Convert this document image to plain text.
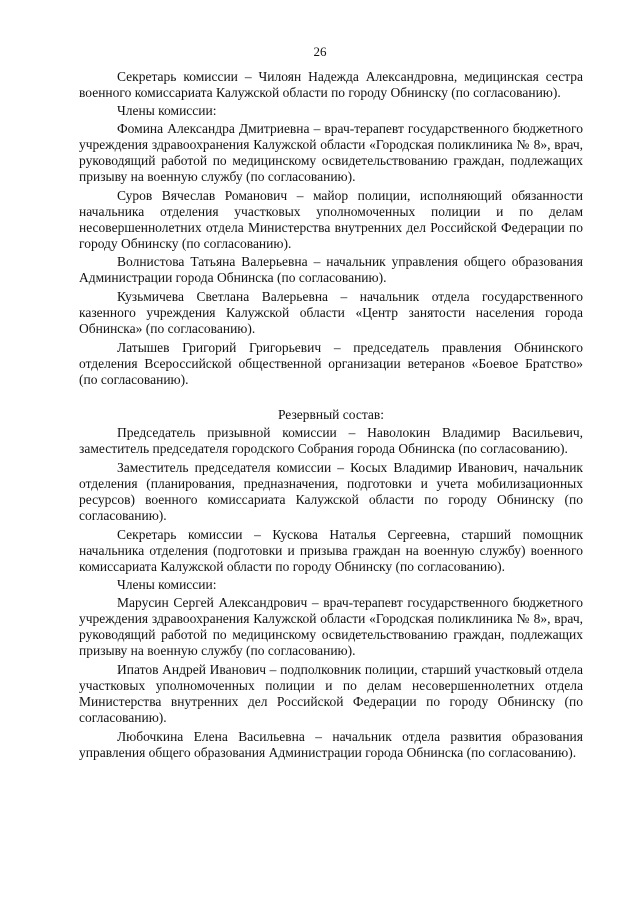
26

Секретарь комиссии – Чилоян Надежда Александровна, медицинская сестра военного комиссариата Калужской области по городу Обнинску (по согласованию).

Члены комиссии:

Фомина Александра Дмитриевна – врач-терапевт государственного бюджетного учреждения здравоохранения Калужской области «Городская поликлиника № 8», врач, руководящий работой по медицинскому освидетельствованию граждан, подлежащих призыву на военную службу (по согласованию).

Суров Вячеслав Романович – майор полиции, исполняющий обязанности начальника отделения участковых уполномоченных полиции и по делам несовершеннолетних отдела Министерства внутренних дел Российской Федерации по городу Обнинску (по согласованию).

Волнистова Татьяна Валерьевна – начальник управления общего образования Администрации города Обнинска (по согласованию).

Кузьмичева Светлана Валерьевна – начальник отдела государственного казенного учреждения Калужской области «Центр занятости населения города Обнинска» (по согласованию).

Латышев Григорий Григорьевич – председатель правления Обнинского отделения Всероссийской общественной организации ветеранов «Боевое Братство» (по согласованию).

Резервный состав:

Председатель призывной комиссии – Наволокин Владимир Васильевич, заместитель председателя городского Собрания города Обнинска (по согласованию).

Заместитель председателя комиссии – Косых Владимир Иванович, начальник отделения (планирования, предназначения, подготовки и учета мобилизационных ресурсов) военного комиссариата Калужской области по городу Обнинску (по согласованию).

Секретарь комиссии – Кускова Наталья Сергеевна, старший помощник начальника отделения (подготовки и призыва граждан на военную службу) военного комиссариата Калужской области по городу Обнинску (по согласованию).

Члены комиссии:

Марусин Сергей Александрович – врач-терапевт государственного бюджетного учреждения здравоохранения Калужской области «Городская поликлиника № 8», врач, руководящий работой по медицинскому освидетельствованию граждан, подлежащих призыву на военную службу (по согласованию).

Ипатов Андрей Иванович – подполковник полиции, старший участковый отдела участковых уполномоченных полиции и по делам несовершеннолетних отдела Министерства внутренних дел Российской Федерации по городу Обнинску (по согласованию).

Любочкина Елена Васильевна – начальник отдела развития образования управления общего образования Администрации города Обнинска (по согласованию).
